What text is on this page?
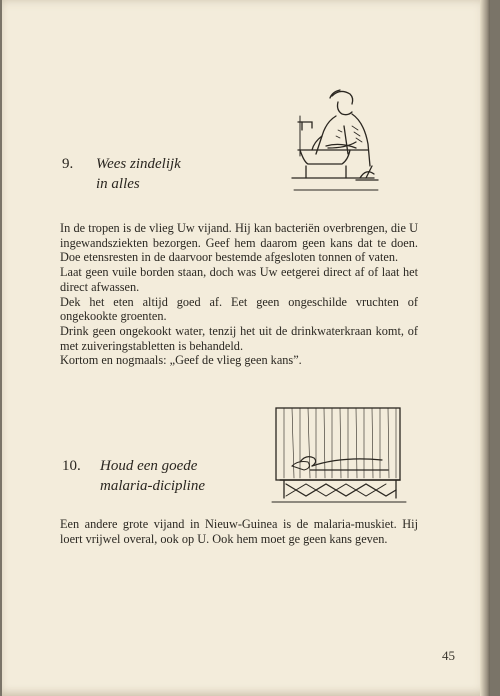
9. Wees zindelijk
in alles

In de tropen is de vlieg Uw vijand. Hij kan bacteriën overbrengen, die U ingewandsziekten bezorgen. Geef hem daarom geen kans dat te doen. Doe etensresten in de daarvoor bestemde afgesloten tonnen of vaten.

Laat geen vuile borden staan, doch was Uw eetgerei direct af of laat het direct afwassen.

Dek het eten altijd goed af. Eet geen ongeschilde vruchten of ongekookte groenten.

Drink geen ongekookt water, tenzij het uit de drinkwaterkraan komt, of met zuiveringstabletten is behandeld.

Kortom en nogmaals: „Geef de vlieg geen kans”.

10. Houd een goede
malaria-dicipline

Een andere grote vijand in Nieuw-Guinea is de malaria-muskiet. Hij loert vrijwel overal, ook op U. Ook hem moet ge geen kans geven.

45
